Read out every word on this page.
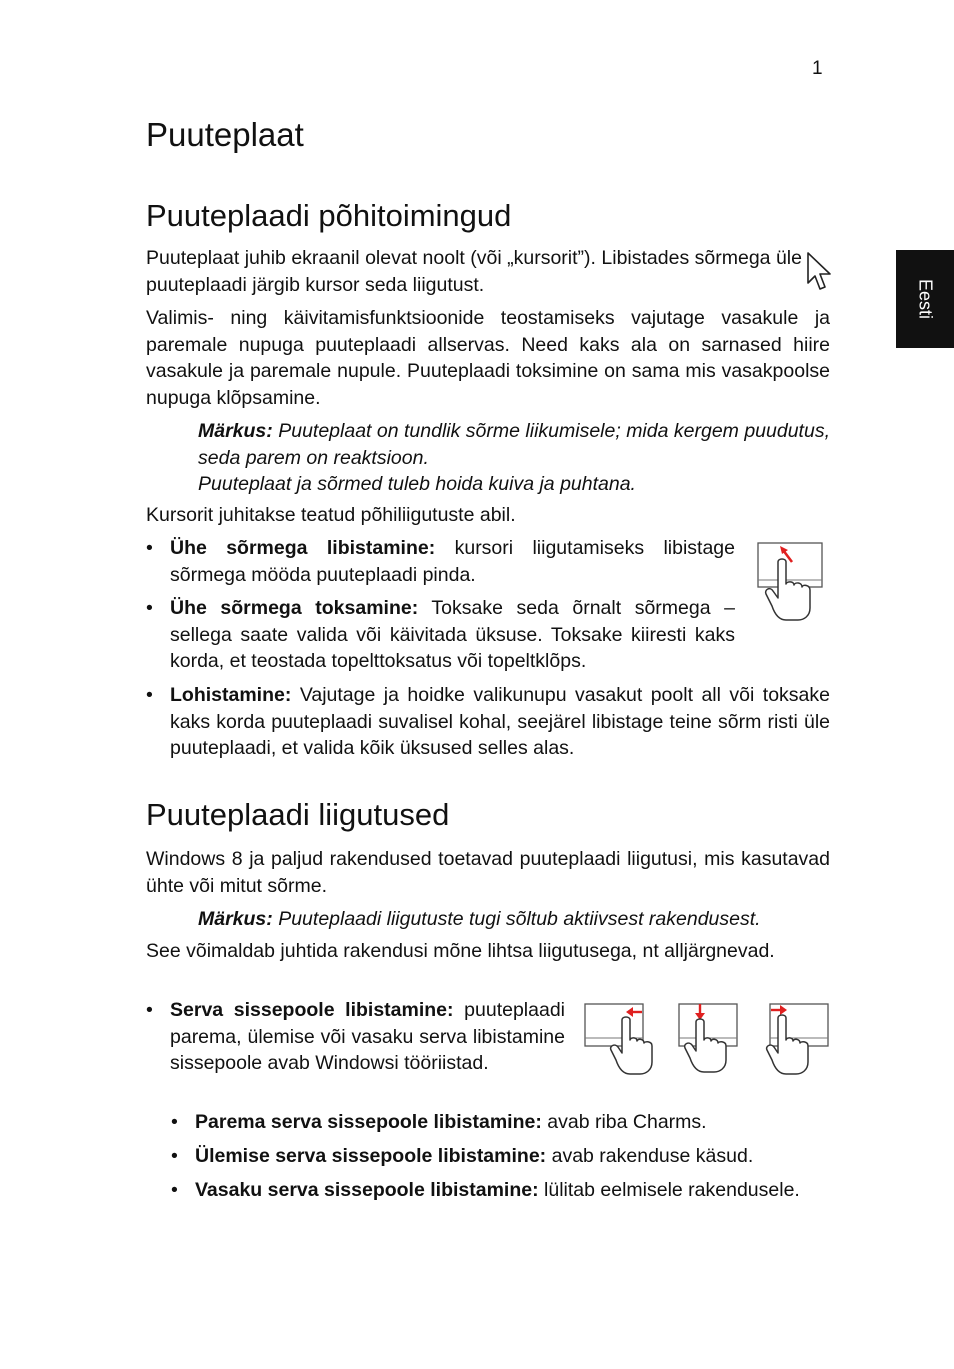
1
Eesti
Puuteplaat
Puuteplaadi põhitoimingud

Puuteplaat juhib ekraanil olevat noolt (või „kursorit”). Libistades sõrmega üle puuteplaadi järgib kursor seda liigutust.

Valimis- ning käivitamisfunktsioonide teostamiseks vajutage vasakule ja paremale nupuga puuteplaadi allservas. Need kaks ala on sarnased hiire vasakule ja paremale nupule. Puuteplaadi toksimine on sama mis vasakpoolse nupuga klõpsamine.

Märkus: Puuteplaat on tundlik sõrme liikumisele; mida kergem puudutus, seda parem on reaktsioon.
Puuteplaat ja sõrmed tuleb hoida kuiva ja puhtana.

Kursorit juhitakse teatud põhiliigutuste abil.

• Ühe sõrmega libistamine: kursori liigutamiseks libistage sõrmega mööda puuteplaadi pinda.
• Ühe sõrmega toksamine: Toksake seda õrnalt sõrmega – sellega saate valida või käivitada üksuse. Toksake kiiresti kaks korda, et teostada topelttoksatus või topeltklõps.
• Lohistamine: Vajutage ja hoidke valikunupu vasakut poolt all või toksake kaks korda puuteplaadi suvalisel kohal, seejärel libistage teine sõrm risti üle puuteplaadi, et valida kõik üksused selles alas.
Puuteplaadi liigutused

Windows 8 ja paljud rakendused toetavad puuteplaadi liigutusi, mis kasutavad ühte või mitut sõrme.

Märkus: Puuteplaadi liigutuste tugi sõltub aktiivsest rakendusest.

See võimaldab juhtida rakendusi mõne lihtsa liigutusega, nt alljärgnevad.

• Serva sissepoole libistamine: puuteplaadi parema, ülemise või vasaku serva libistamine sissepoole avab Windowsi tööriistad.
• Parema serva sissepoole libistamine: avab riba Charms.
• Ülemise serva sissepoole libistamine: avab rakenduse käsud.
• Vasaku serva sissepoole libistamine: lülitab eelmisele rakendusele.
